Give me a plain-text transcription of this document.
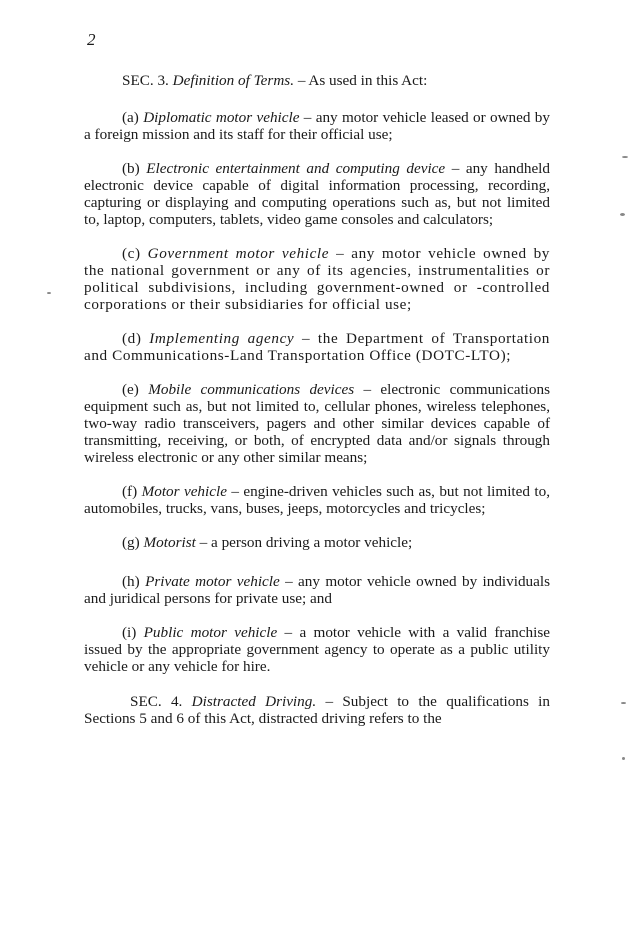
2

SEC. 3. Definition of Terms. – As used in this Act:

(a) Diplomatic motor vehicle – any motor vehicle leased or owned by a foreign mission and its staff for their official use;

(b) Electronic entertainment and computing device – any handheld electronic device capable of digital information processing, recording, capturing or displaying and computing operations such as, but not limited to, laptop, computers, tablets, video game consoles and calculators;

(c) Government motor vehicle – any motor vehicle owned by the national government or any of its agencies, instrumentalities or political subdivisions, including government-owned or -controlled corporations or their subsidiaries for official use;

(d) Implementing agency – the Department of Transportation and Communications-Land Transportation Office (DOTC-LTO);

(e) Mobile communications devices – electronic communications equipment such as, but not limited to, cellular phones, wireless telephones, two-way radio transceivers, pagers and other similar devices capable of transmitting, receiving, or both, of encrypted data and/or signals through wireless electronic or any other similar means;

(f) Motor vehicle – engine-driven vehicles such as, but not limited to, automobiles, trucks, vans, buses, jeeps, motorcycles and tricycles;

(g) Motorist – a person driving a motor vehicle;

(h) Private motor vehicle – any motor vehicle owned by individuals and juridical persons for private use; and

(i) Public motor vehicle – a motor vehicle with a valid franchise issued by the appropriate government agency to operate as a public utility vehicle or any vehicle for hire.

SEC. 4. Distracted Driving. – Subject to the qualifications in Sections 5 and 6 of this Act, distracted driving refers to the
